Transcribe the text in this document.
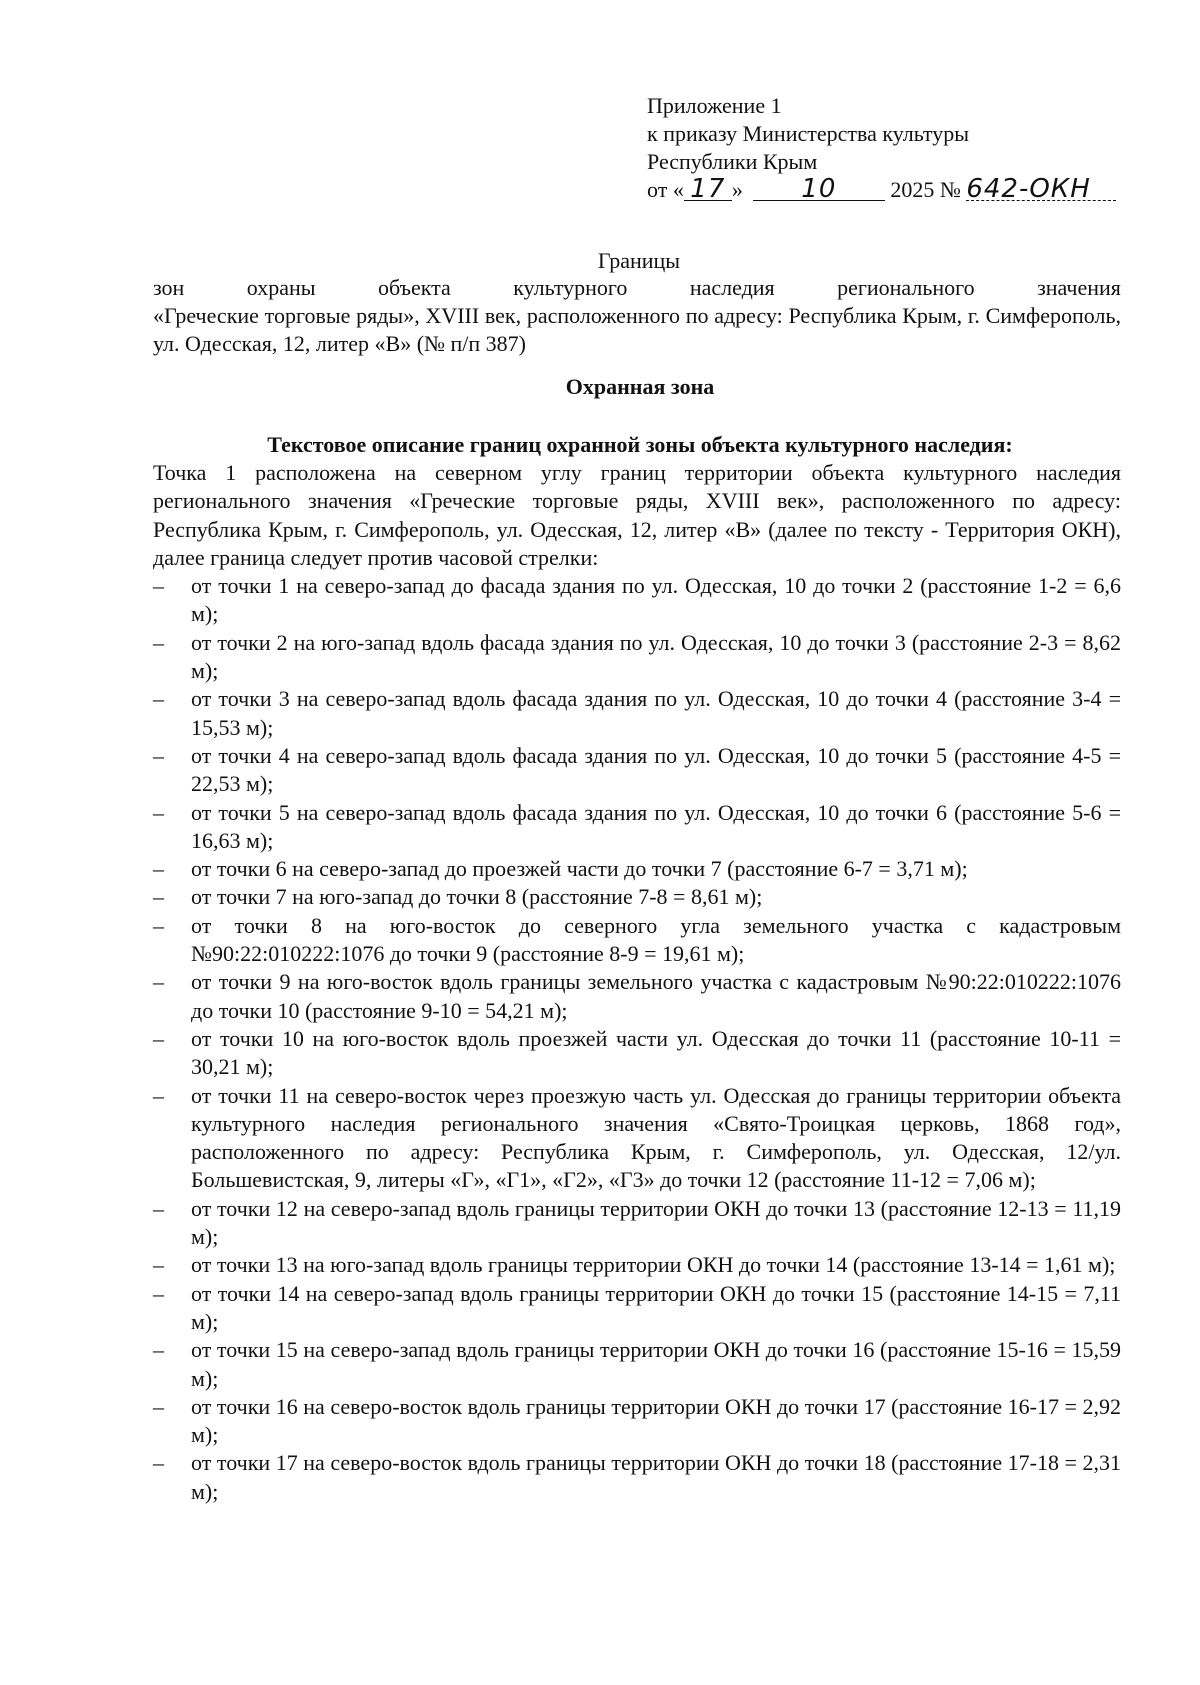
Приложение 1
к приказу Министерства культуры
Республики Крым
от « 17 » 10 2025 № 642-ОКН
Границы
зон	охраны	объекта	культурного	наследия	регионального	значения
«Греческие торговые ряды», XVIII век, расположенного по адресу: Республика Крым, г. Симферополь, ул. Одесская, 12, литер «В» (№ п/п 387)
Охранная зона
Текстовое описание границ охранной зоны объекта культурного наследия:

Точка 1 расположена на северном углу границ территории объекта культурного наследия регионального значения «Греческие торговые ряды, XVIII век», расположенного по адресу: Республика Крым, г. Симферополь, ул. Одесская, 12, литер «В» (далее по тексту - Территория ОКН), далее граница следует против часовой стрелки:

– от точки 1 на северо-запад до фасада здания по ул. Одесская, 10 до точки 2 (расстояние 1-2 = 6,6 м);
– от точки 2 на юго-запад вдоль фасада здания по ул. Одесская, 10 до точки 3 (расстояние 2-3 = 8,62 м);
– от точки 3 на северо-запад вдоль фасада здания по ул. Одесская, 10 до точки 4 (расстояние 3-4 = 15,53 м);
– от точки 4 на северо-запад вдоль фасада здания по ул. Одесская, 10 до точки 5 (расстояние 4-5 = 22,53 м);
– от точки 5 на северо-запад вдоль фасада здания по ул. Одесская, 10 до точки 6 (расстояние 5-6 = 16,63 м);
– от точки 6 на северо-запад до проезжей части до точки 7 (расстояние 6-7 = 3,71 м);
– от точки 7 на юго-запад до точки 8 (расстояние 7-8 = 8,61 м);
– от точки 8 на юго-восток до северного угла земельного участка с кадастровым №90:22:010222:1076 до точки 9 (расстояние 8-9 = 19,61 м);
– от точки 9 на юго-восток вдоль границы земельного участка с кадастровым №90:22:010222:1076 до точки 10 (расстояние 9-10 = 54,21 м);
– от точки 10 на юго-восток вдоль проезжей части ул. Одесская до точки 11 (расстояние 10-11 = 30,21 м);
– от точки 11 на северо-восток через проезжую часть ул. Одесская до границы территории объекта культурного наследия регионального значения «Свято-Троицкая церковь, 1868 год», расположенного по адресу: Республика Крым, г. Симферополь, ул. Одесская, 12/ул. Большевистская, 9, литеры «Г», «Г1», «Г2», «Г3» до точки 12 (расстояние 11-12 = 7,06 м);
– от точки 12 на северо-запад вдоль границы территории ОКН до точки 13 (расстояние 12-13 = 11,19 м);
– от точки 13 на юго-запад вдоль границы территории ОКН до точки 14 (расстояние 13-14 = 1,61 м);
– от точки 14 на северо-запад вдоль границы территории ОКН до точки 15 (расстояние 14-15 = 7,11 м);
– от точки 15 на северо-запад вдоль границы территории ОКН до точки 16 (расстояние 15-16 = 15,59 м);
– от точки 16 на северо-восток вдоль границы территории ОКН до точки 17 (расстояние 16-17 = 2,92 м);
– от точки 17 на северо-восток вдоль границы территории ОКН до точки 18 (расстояние 17-18 = 2,31 м);
